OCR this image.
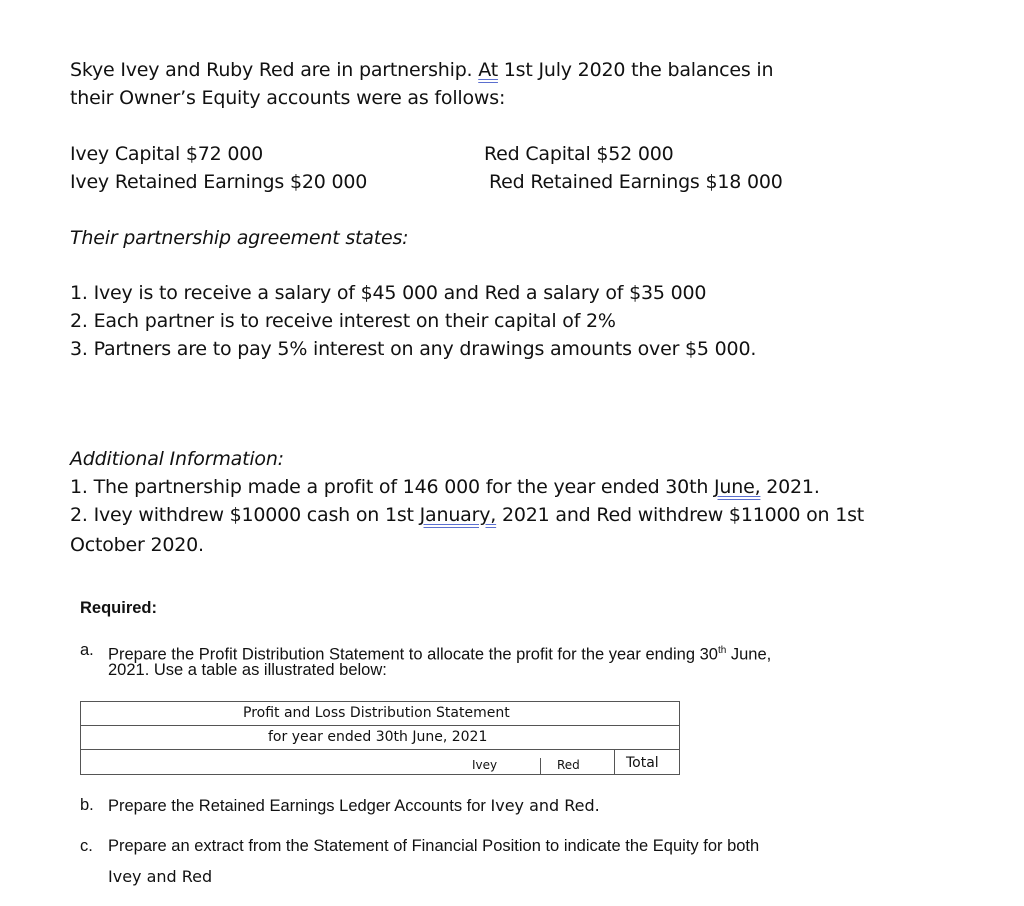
Skye Ivey and Ruby Red are in partnership. At 1st July 2020 the balances in
their Owner’s Equity accounts were as follows:
Ivey Capital $72 000
Ivey Retained Earnings $20 000
Red Capital $52 000
Red Retained Earnings $18 000
Their partnership agreement states:
1. Ivey is to receive a salary of $45 000 and Red a salary of $35 000
2. Each partner is to receive interest on their capital of 2%
3. Partners are to pay 5% interest on any drawings amounts over $5 000.
Additional Information:
1. The partnership made a profit of 146 000 for the year ended 30th June, 2021.
2. Ivey withdrew $10000 cash on 1st January, 2021 and Red withdrew $11000 on 1st
October 2020.
Required:
a. Prepare the Profit Distribution Statement to allocate the profit for the year ending 30th June,
2021. Use a table as illustrated below:
Profit and Loss Distribution Statement
for year ended 30th June, 2021
Ivey	Red	Total
b. Prepare the Retained Earnings Ledger Accounts for Ivey and Red.
c. Prepare an extract from the Statement of Financial Position to indicate the Equity for both
Ivey and Red
